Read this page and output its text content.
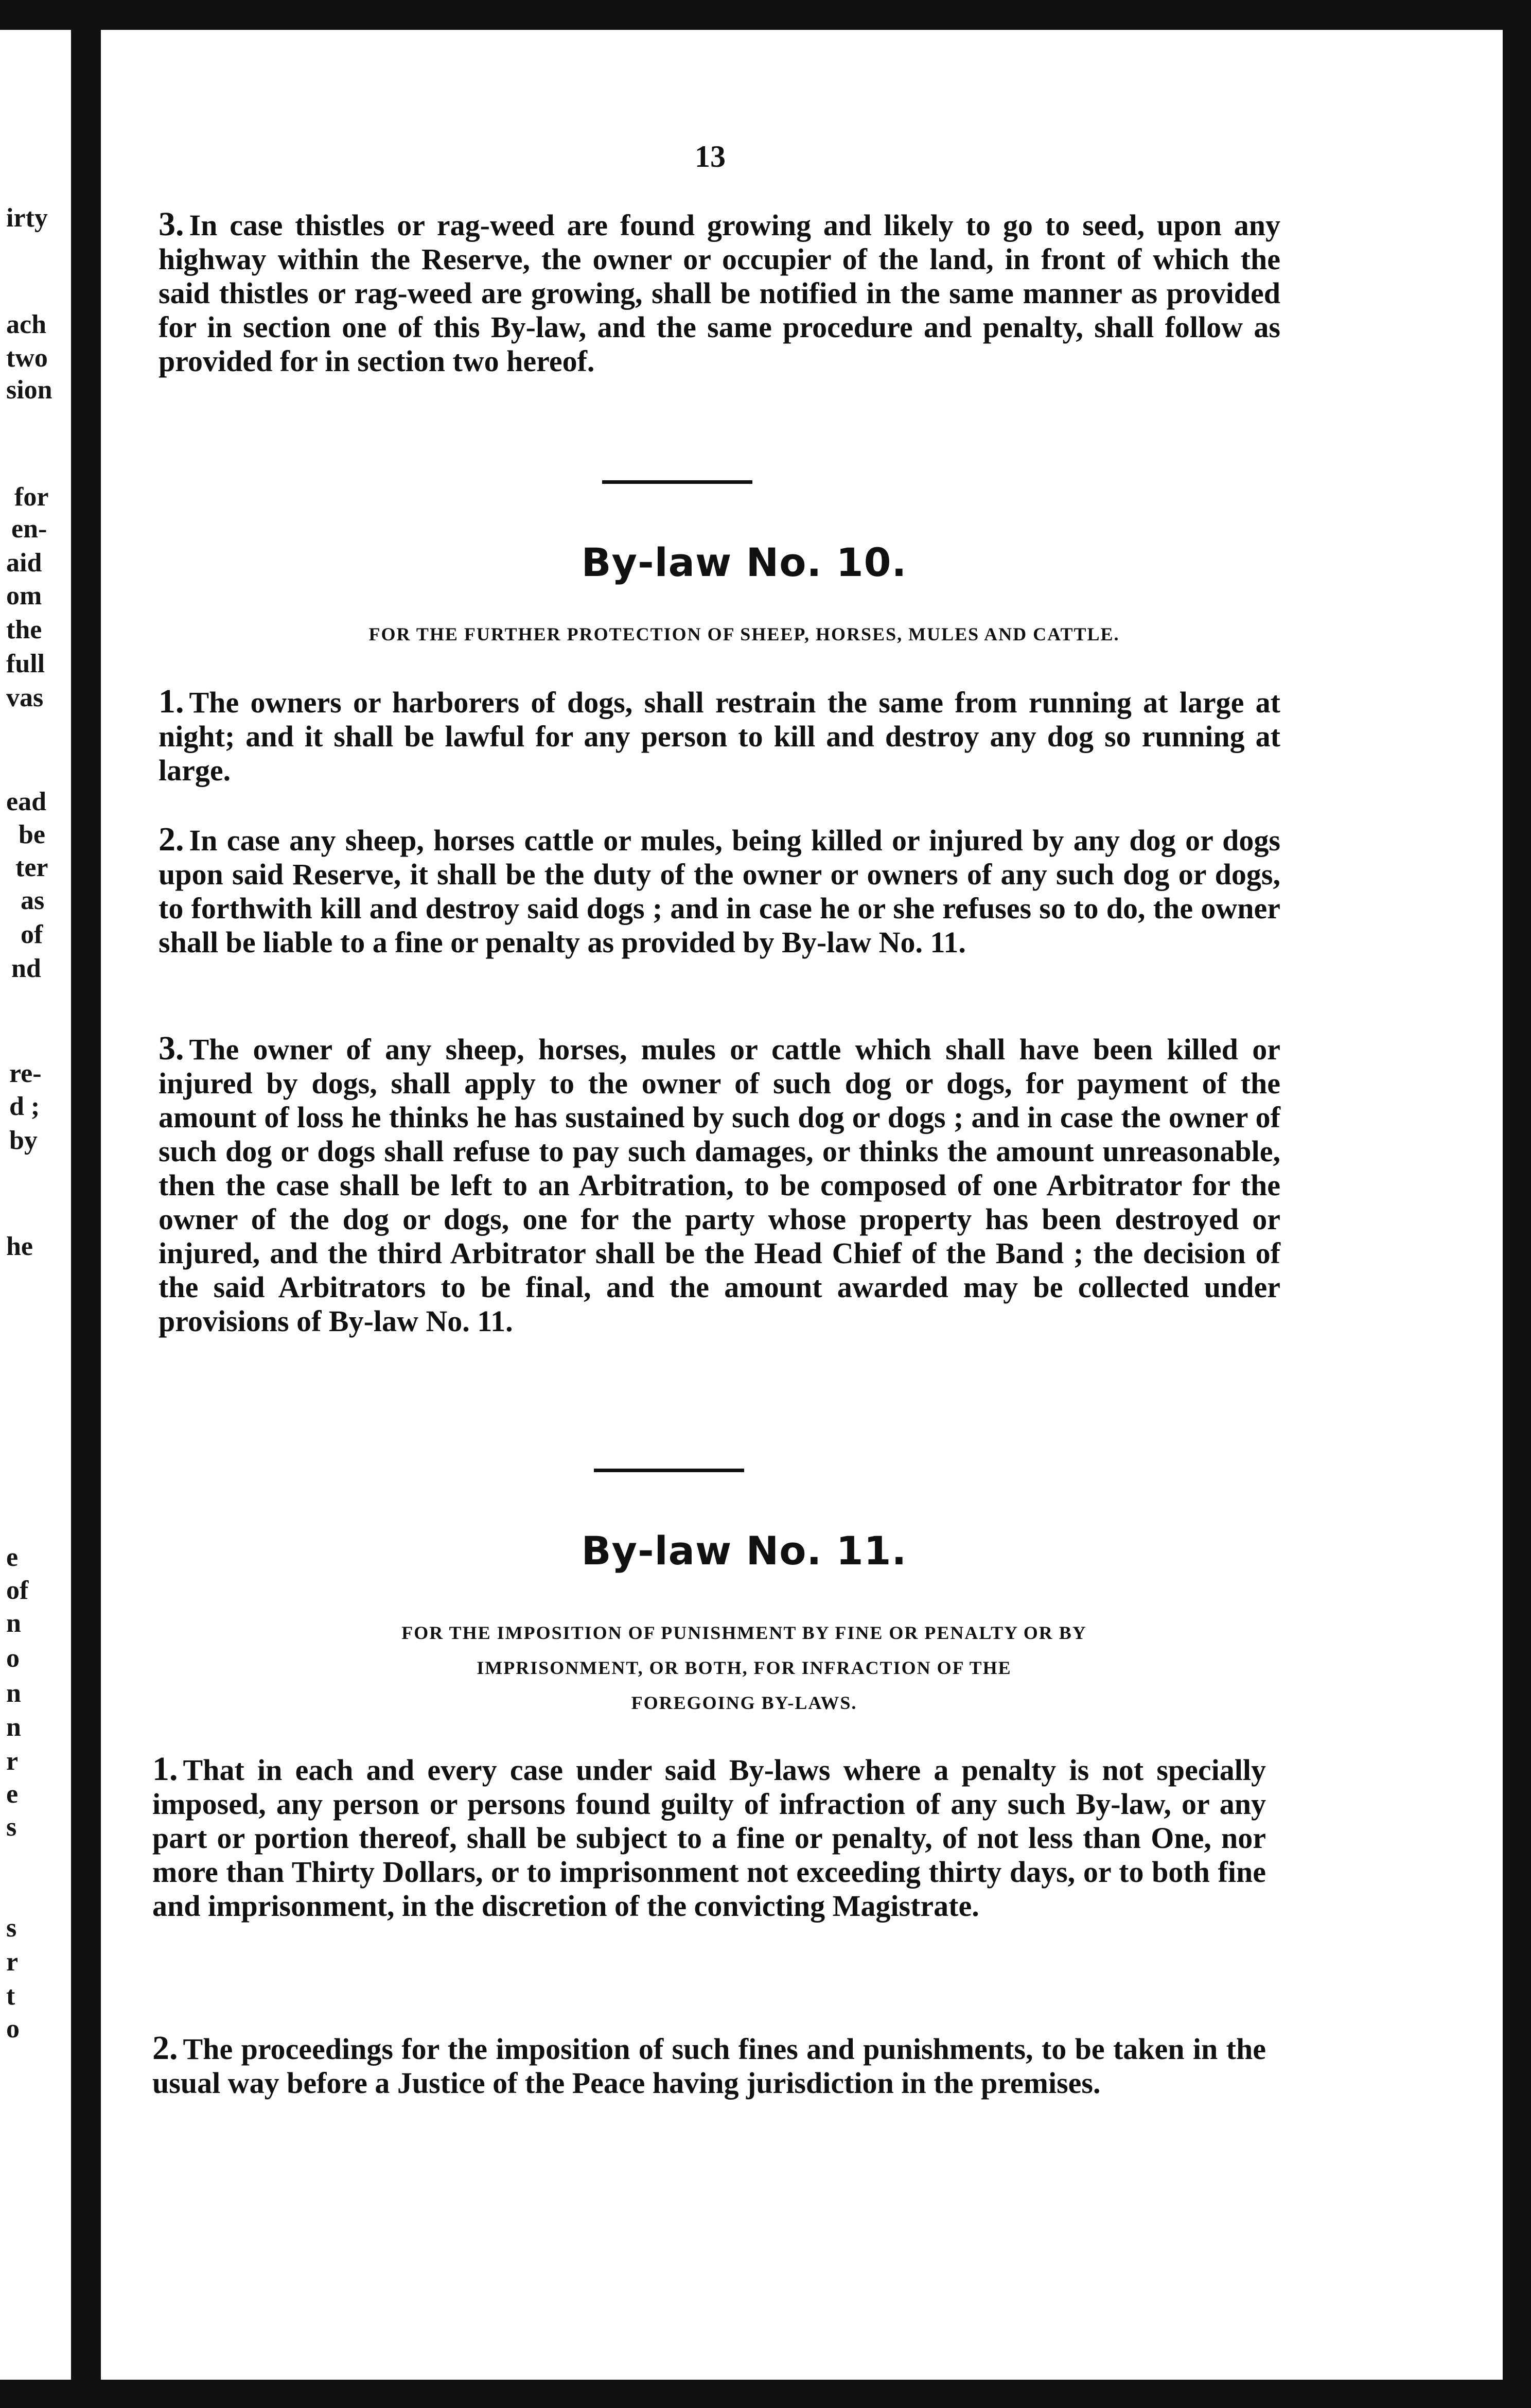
irty
ach
two
sion
for
en-
aid
om
the
full
vas
ead
be
ter
as
of
nd
re-
d ;
by
he
e
of
n
o
n
n
r
e
s
s
r
t
o
13
3. In case thistles or rag-weed are found growing and likely to go to seed, upon any highway within the Reserve, the owner or occupier of the land, in front of which the said thistles or rag-weed are growing, shall be notified in the same manner as provided for in section one of this By-law, and the same procedure and penalty, shall follow as provided for in section two hereof.
By-law No. 10.
FOR THE FURTHER PROTECTION OF SHEEP, HORSES, MULES AND CATTLE.
1. The owners or harborers of dogs, shall restrain the same from running at large at night; and it shall be lawful for any person to kill and destroy any dog so running at large.
2. In case any sheep, horses cattle or mules, being killed or injured by any dog or dogs upon said Reserve, it shall be the duty of the owner or owners of any such dog or dogs, to forthwith kill and destroy said dogs ; and in case he or she refuses so to do, the owner shall be liable to a fine or penalty as provided by By-law No. 11.
3. The owner of any sheep, horses, mules or cattle which shall have been killed or injured by dogs, shall apply to the owner of such dog or dogs, for payment of the amount of loss he thinks he has sustained by such dog or dogs ; and in case the owner of such dog or dogs shall refuse to pay such damages, or thinks the amount unreasonable, then the case shall be left to an Arbitration, to be composed of one Arbitrator for the owner of the dog or dogs, one for the party whose property has been destroyed or injured, and the third Arbitrator shall be the Head Chief of the Band ; the decision of the said Arbitrators to be final, and the amount awarded may be collected under provisions of By-law No. 11.
By-law No. 11.
FOR THE IMPOSITION OF PUNISHMENT BY FINE OR PENALTY OR BY
IMPRISONMENT, OR BOTH, FOR INFRACTION OF THE
FOREGOING BY-LAWS.
1. That in each and every case under said By-laws where a penalty is not specially imposed, any person or persons found guilty of infraction of any such By-law, or any part or portion thereof, shall be subject to a fine or penalty, of not less than One, nor more than Thirty Dollars, or to imprisonment not exceeding thirty days, or to both fine and imprisonment, in the discretion of the convicting Magistrate.
2. The proceedings for the imposition of such fines and punishments, to be taken in the usual way before a Justice of the Peace having jurisdiction in the premises.
